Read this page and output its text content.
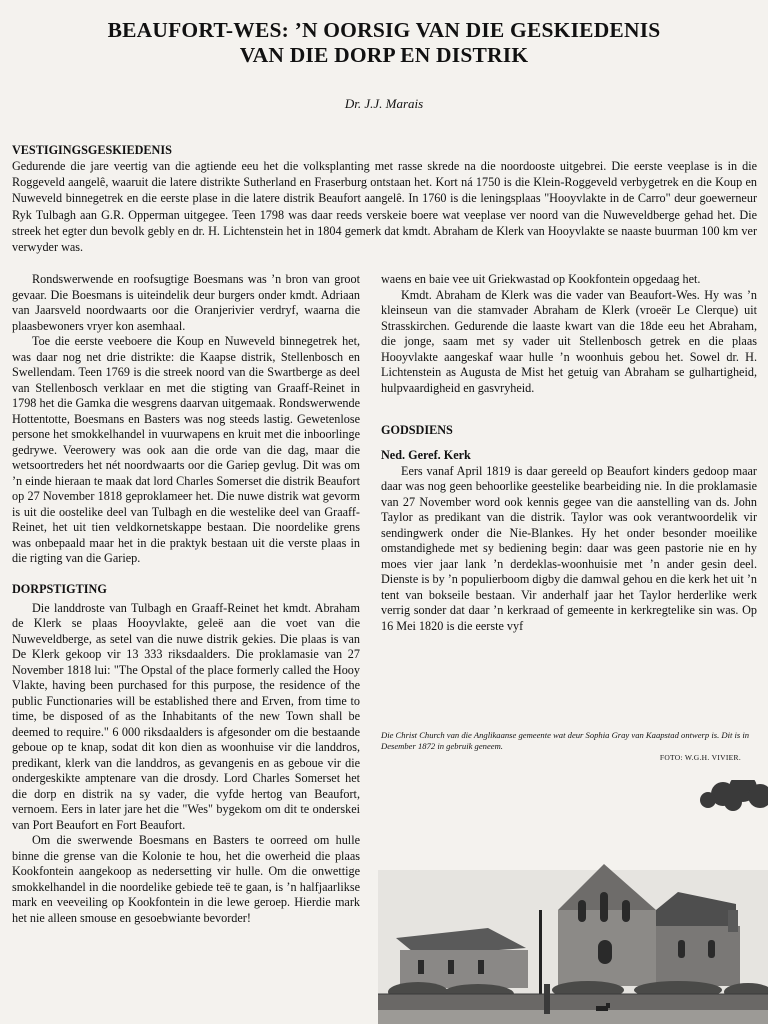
BEAUFORT-WES: ’N OORSIG VAN DIE GESKIEDENIS
VAN DIE DORP EN DISTRIK
Dr. J.J. Marais
VESTIGINGSGESKIEDENIS

Gedurende die jare veertig van die agtiende eeu het die volksplanting met rasse skrede na die noordooste uitgebrei. Die eerste veeplase is in die Roggeveld aangelê, waaruit die latere distrikte Sutherland en Fraserburg ontstaan het. Kort ná 1750 is die Klein-Roggeveld verbygetrek en die Koup en Nuweveld binnegetrek en die eerste plase in die latere distrik Beaufort aangelê. In 1760 is die leningsplaas "Hooyvlakte in de Carro" deur goewerneur Ryk Tulbagh aan G.R. Opperman uitgegee. Teen 1798 was daar reeds verskeie boere wat veeplase ver noord van die Nuweveldberge gehad het. Die streek het egter dun bevolk gebly en dr. H. Lichtenstein het in 1804 gemerk dat kmdt. Abraham de Klerk van Hooyvlakte se naaste buurman 100 km ver verwyder was.

Rondswerwende en roofsugtige Boesmans was ’n bron van groot gevaar. Die Boesmans is uiteindelik deur burgers onder kmdt. Adriaan van Jaarsveld noordwaarts oor die Oranjerivier verdryf, waarna die plaasbewoners vryer kon asemhaal.

Toe die eerste veeboere die Koup en Nuweveld binnegetrek het, was daar nog net drie distrikte: die Kaapse distrik, Stellenbosch en Swellendam. Teen 1769 is die streek noord van die Swartberge as deel van Stellenbosch verklaar en met die stigting van Graaff-Reinet in 1798 het die Gamka die wesgrens daarvan uitgemaak. Rondswerwende Hottentotte, Boesmans en Basters was nog steeds lastig. Gewetenlose persone het smokkelhandel in vuurwapens en kruit met die inboorlinge gedrywe. Veerowery was ook aan die orde van die dag, maar die wetsoortreders het nét noordwaarts oor die Gariep gevlug. Dit was om ’n einde hieraan te maak dat lord Charles Somerset die distrik Beaufort op 27 November 1818 geproklameer het. Die nuwe distrik wat gevorm is uit die oostelike deel van Tulbagh en die westelike deel van Graaff-Reinet, het uit tien veldkornetskappe bestaan. Die noordelike grens was onbepaald maar het in die praktyk bestaan uit die verste plaas in die rigting van die Gariep.

DORPSTIGTING

Die landdroste van Tulbagh en Graaff-Reinet het kmdt. Abraham de Klerk se plaas Hooyvlakte, geleë aan die voet van die Nuweveldberge, as setel van die nuwe distrik gekies. Die plaas is van De Klerk gekoop vir 13 333 riksdaalders. Die proklamasie van 27 November 1818 lui: "The Opstal of the place formerly called the Hooy Vlakte, having been purchased for this purpose, the residence of the public Functionaries will be established there and Erven, from time to time, be disposed of as the Inhabitants of the new Town shall be deemed to require." 6 000 riksdaalders is afgesonder om die bestaande geboue op te knap, sodat dit kon dien as woonhuise vir die landdros, predikant, klerk van die landdros, as gevangenis en as geboue vir die ondergeskikte amptenare van die drosdy. Lord Charles Somerset het die dorp en distrik na sy vader, die vyfde hertog van Beaufort, vernoem. Eers in later jare het die "Wes" bygekom om dit te onderskei van Port Beaufort en Fort Beaufort.

Om die swerwende Boesmans en Basters te oorreed om hulle binne die grense van die Kolonie te hou, het die owerheid die plaas Kookfontein aangekoop as nedersetting vir hulle. Om die onwettige smokkelhandel in die noordelike gebiede teë te gaan, is ’n halfjaarlikse mark en veeveiling op Kookfontein in die lewe geroep. Hierdie mark het nie alleen smouse en gesoebwiante bevorder!

waens en baie vee uit Griekwastad op Kookfontein opgedaag het.

Kmdt. Abraham de Klerk was die vader van Beaufort-Wes. Hy was ’n kleinseun van die stamvader Abraham de Klerk (vroeër Le Clerque) uit Strasskirchen. Gedurende die laaste kwart van die 18de eeu het Abraham, die jonge, saam met sy vader uit Stellenbosch getrek en die plaas Hooyvlakte aangeskaf waar hulle ’n woonhuis gebou het. Sowel dr. H. Lichtenstein as Augusta de Mist het getuig van Abraham se gulhartigheid, hulpvaardigheid en gasvryheid.

GODSDIENS
Ned. Geref. Kerk

Eers vanaf April 1819 is daar gereeld op Beaufort kinders gedoop maar daar was nog geen behoorlike geestelike bearbeiding nie. In die proklamasie van 27 November word ook kennis gegee van die aanstelling van ds. John Taylor as predikant van die distrik. Taylor was ook verantwoordelik vir sendingwerk onder die Nie-Blankes. Hy het onder besonder moeilike omstandighede met sy bediening begin: daar was geen pastorie nie en hy moes vier jaar lank ’n derdeklas-woonhuisie met ’n ander gesin deel. Dienste is by ’n populierboom digby die damwal gehou en die kerk het uit ’n tent van bokseile bestaan. Vir anderhalf jaar het Taylor herderlike werk verrig sonder dat daar ’n kerkraad of gemeente in kerkregtelike sin was. Op 16 Mei 1820 is die eerste vyf

Die Christ Church van die Anglikaanse gemeente wat deur Sophia Gray van Kaapstad ontwerp is. Dit is in Desember 1872 in gebruik geneem.
FOTO: W.G.H. VIVIER.
